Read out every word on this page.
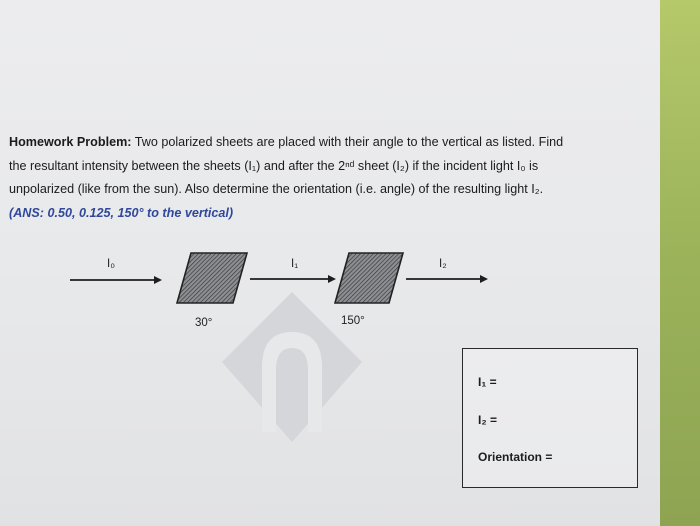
Homework Problem: Two polarized sheets are placed with their angle to the vertical as listed. Find

the resultant intensity between the sheets (I₁) and after the 2ⁿᵈ sheet (I₂) if the incident light I₀ is

unpolarized (like from the sun). Also determine the orientation (i.e. angle) of the resulting light I₂.

(ANS: 0.50, 0.125, 150° to the vertical)

I₀	I₁	I₂
30°	150°
I₁ =
I₂ =
Orientation =
